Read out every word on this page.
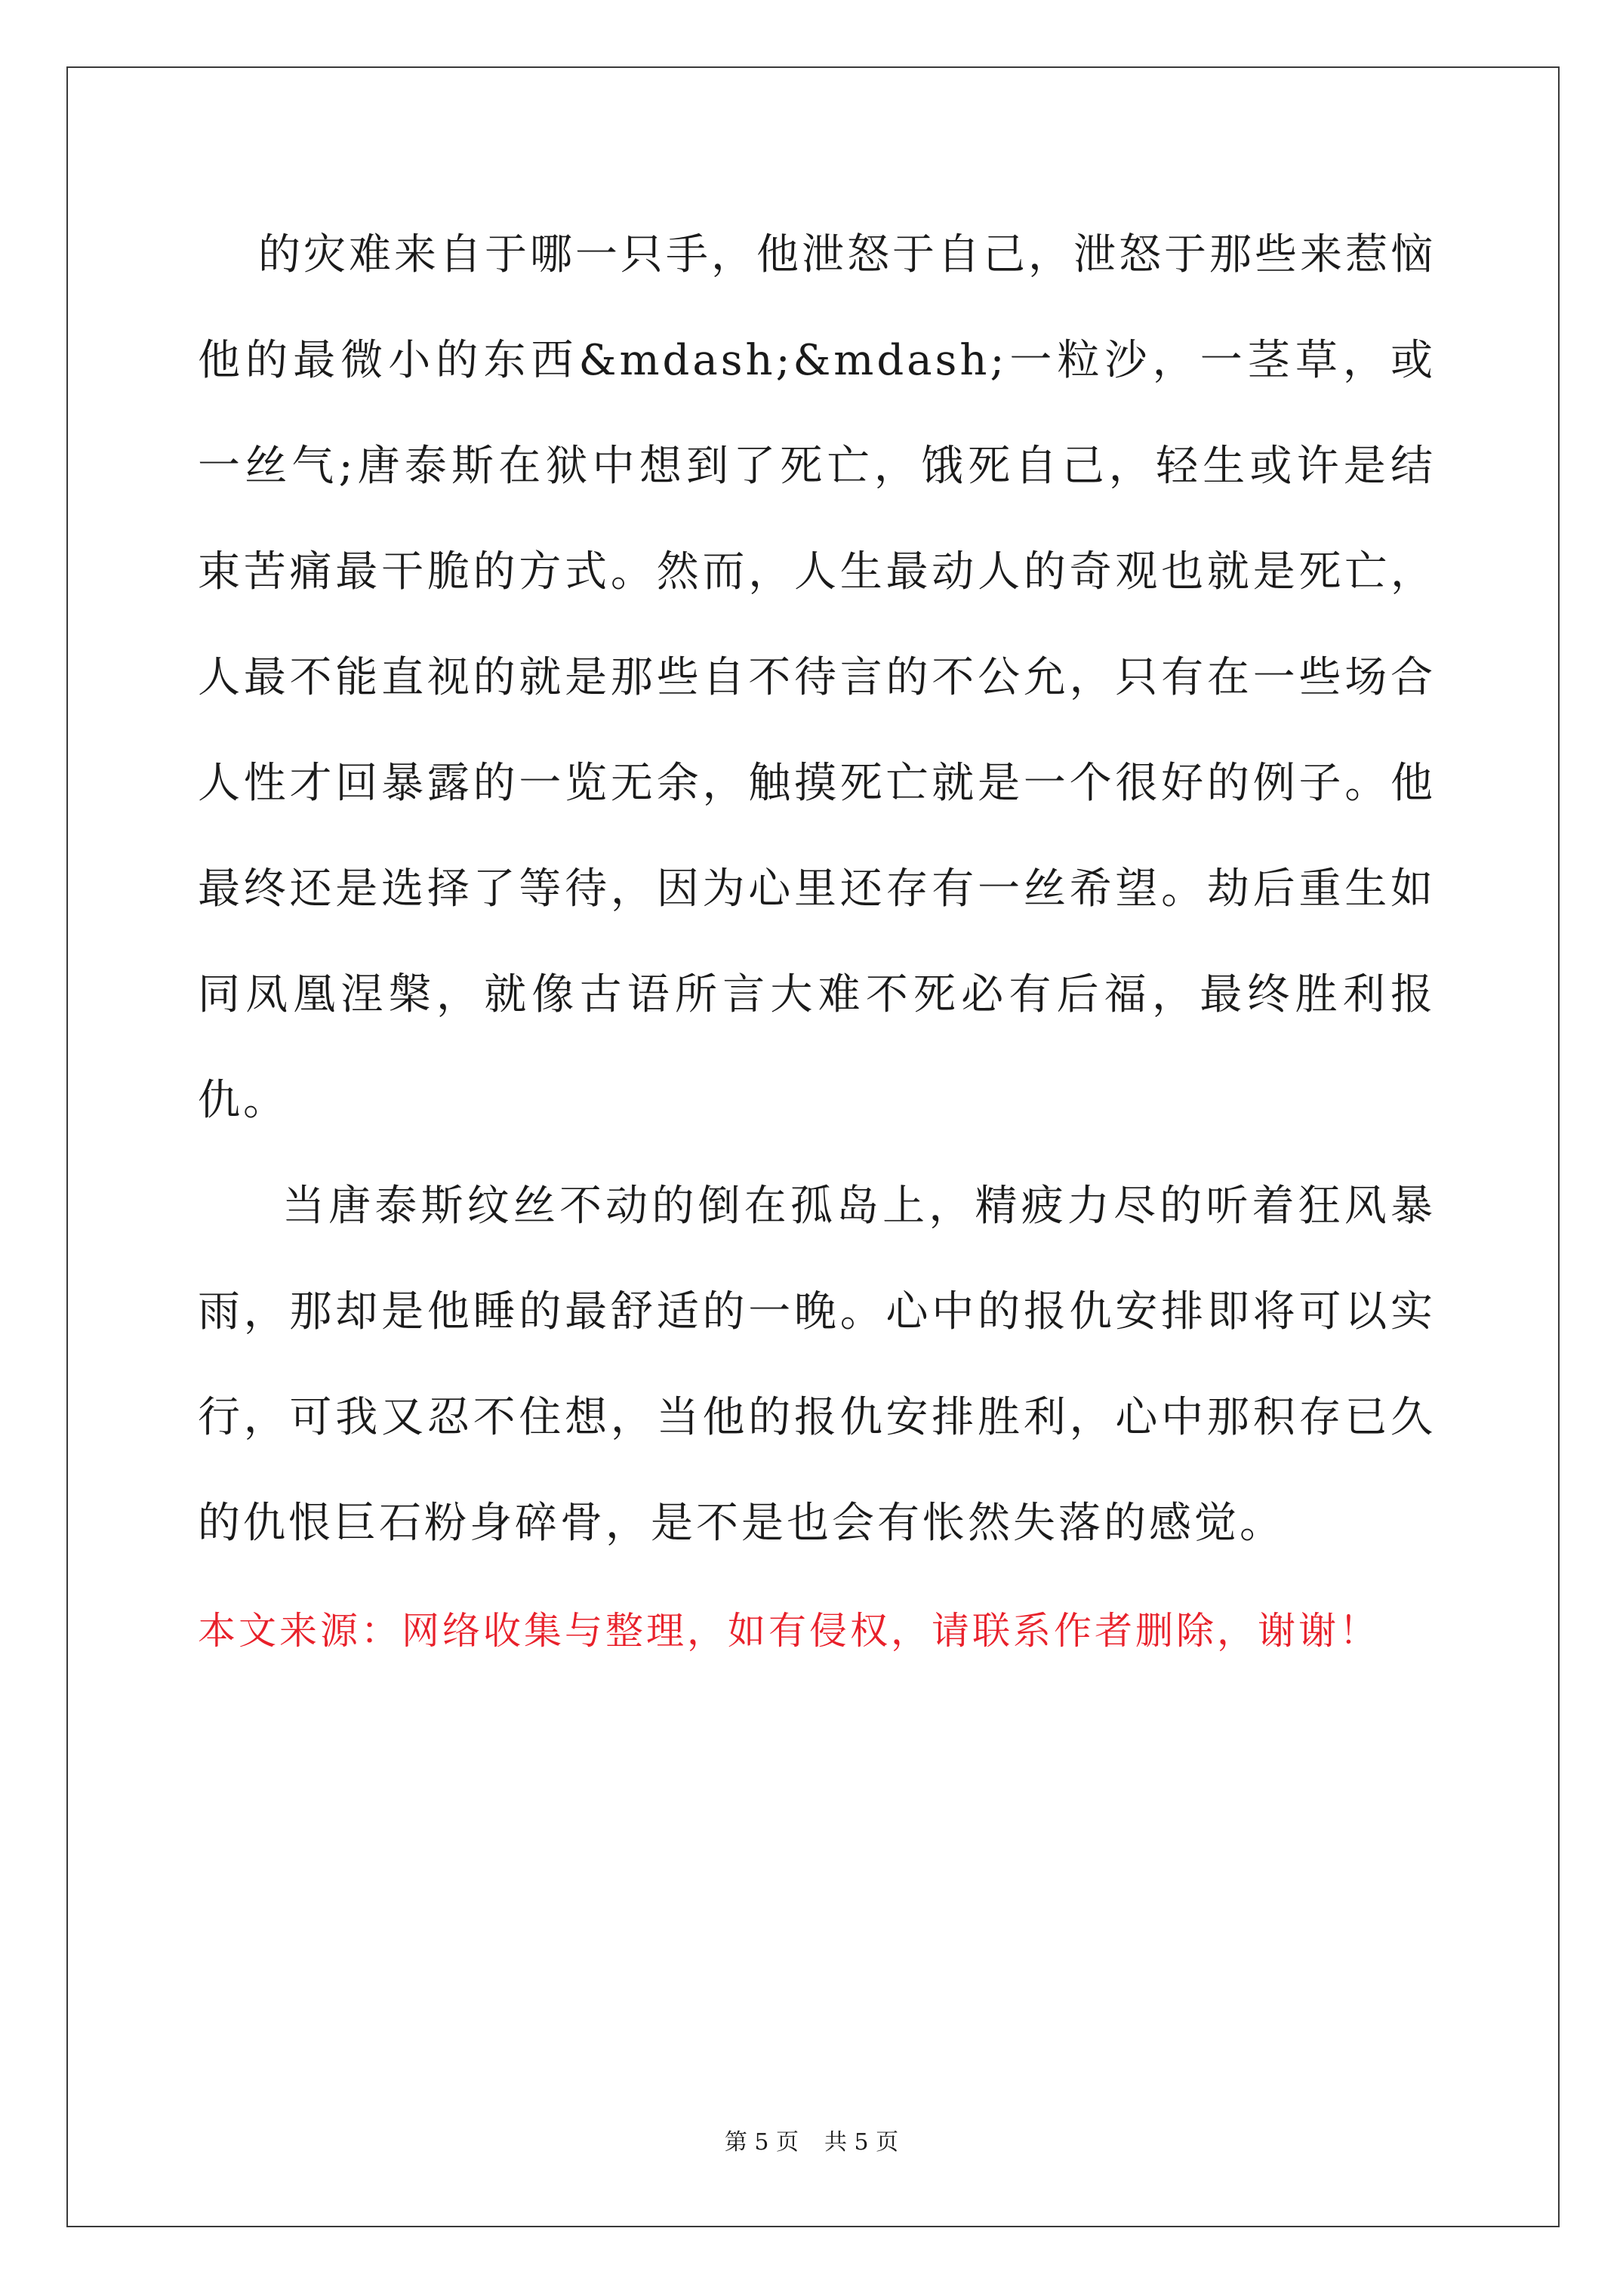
的灾难来自于哪一只手，他泄怒于自己，泄怒于那些来惹恼他的最微小的东西&mdash;&mdash;一粒沙，一茎草，或一丝气;唐泰斯在狱中想到了死亡，饿死自己，轻生或许是结束苦痛最干脆的方式。然而，人生最动人的奇观也就是死亡，人最不能直视的就是那些自不待言的不公允，只有在一些场合人性才回暴露的一览无余，触摸死亡就是一个很好的例子。他最终还是选择了等待，因为心里还存有一丝希望。劫后重生如同凤凰涅槃，就像古语所言大难不死必有后福，最终胜利报仇。

当唐泰斯纹丝不动的倒在孤岛上，精疲力尽的听着狂风暴雨，那却是他睡的最舒适的一晚。心中的报仇安排即将可以实行，可我又忍不住想，当他的报仇安排胜利，心中那积存已久的仇恨巨石粉身碎骨，是不是也会有怅然失落的感觉。

本文来源：网络收集与整理，如有侵权，请联系作者删除，谢谢！
第 5 页 共 5 页
